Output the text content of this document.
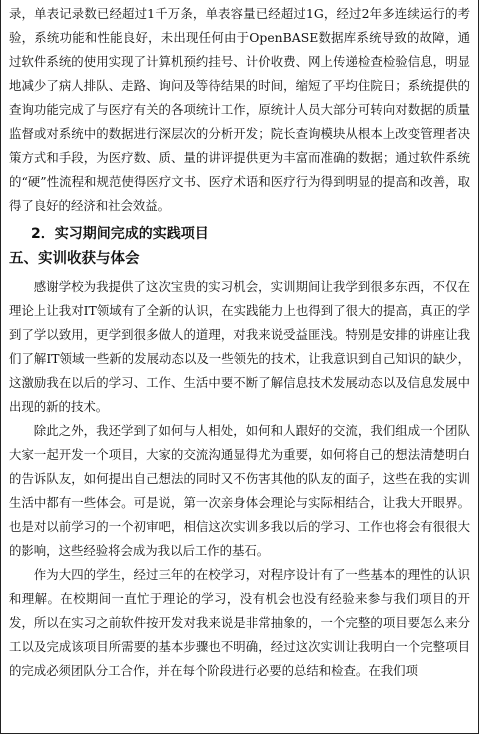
录，单表记录数已经超过1千万条，单表容量已经超过1G，经过2年多连续运行的考验，系统功能和性能良好，未出现任何由于OpenBASE数据库系统导致的故障，通过软件系统的使用实现了计算机预约挂号、计价收费、网上传递检查检验信息，明显地减少了病人排队、走路、询问及等待结果的时间，缩短了平均住院日；系统提供的查询功能完成了与医疗有关的各项统计工作，原统计人员大部分可转向对数据的质量监督或对系统中的数据进行深层次的分析开发；院长查询模块从根本上改变管理者决策方式和手段，为医疗数、质、量的讲评提供更为丰富而准确的数据；通过软件系统的“硬”性流程和规范使得医疗文书、医疗术语和医疗行为得到明显的提高和改善，取得了良好的经济和社会效益。

2．实习期间完成的实践项目
五、实训收获与体会

感谢学校为我提供了这次宝贵的实习机会，实训期间让我学到很多东西，不仅在理论上让我对IT领域有了全新的认识，在实践能力上也得到了很大的提高，真正的学到了学以致用，更学到很多做人的道理，对我来说受益匪浅。特别是安排的讲座让我们了解IT领域一些新的发展动态以及一些领先的技术，让我意识到自己知识的缺少，这激励我在以后的学习、工作、生活中要不断了解信息技术发展动态以及信息发展中出现的新的技术。

除此之外，我还学到了如何与人相处，如何和人跟好的交流，我们组成一个团队大家一起开发一个项目，大家的交流沟通显得尤为重要，如何将自己的想法清楚明白的告诉队友，如何提出自己想法的同时又不伤害其他的队友的面子，这些在我的实训生活中都有一些体会。可是说，第一次亲身体会理论与实际相结合，让我大开眼界。也是对以前学习的一个初审吧，相信这次实训多我以后的学习、工作也将会有很很大的影响，这些经验将会成为我以后工作的基石。

作为大四的学生，经过三年的在校学习，对程序设计有了一些基本的理性的认识和理解。在校期间一直忙于理论的学习，没有机会也没有经验来参与我们项目的开发，所以在实习之前软件按开发对我来说是非常抽象的，一个完整的项目要怎么来分工以及完成该项目所需要的基本步骤也不明确，经过这次实训让我明白一个完整项目的完成必须团队分工合作，并在每个阶段进行必要的总结和检查。在我们项
